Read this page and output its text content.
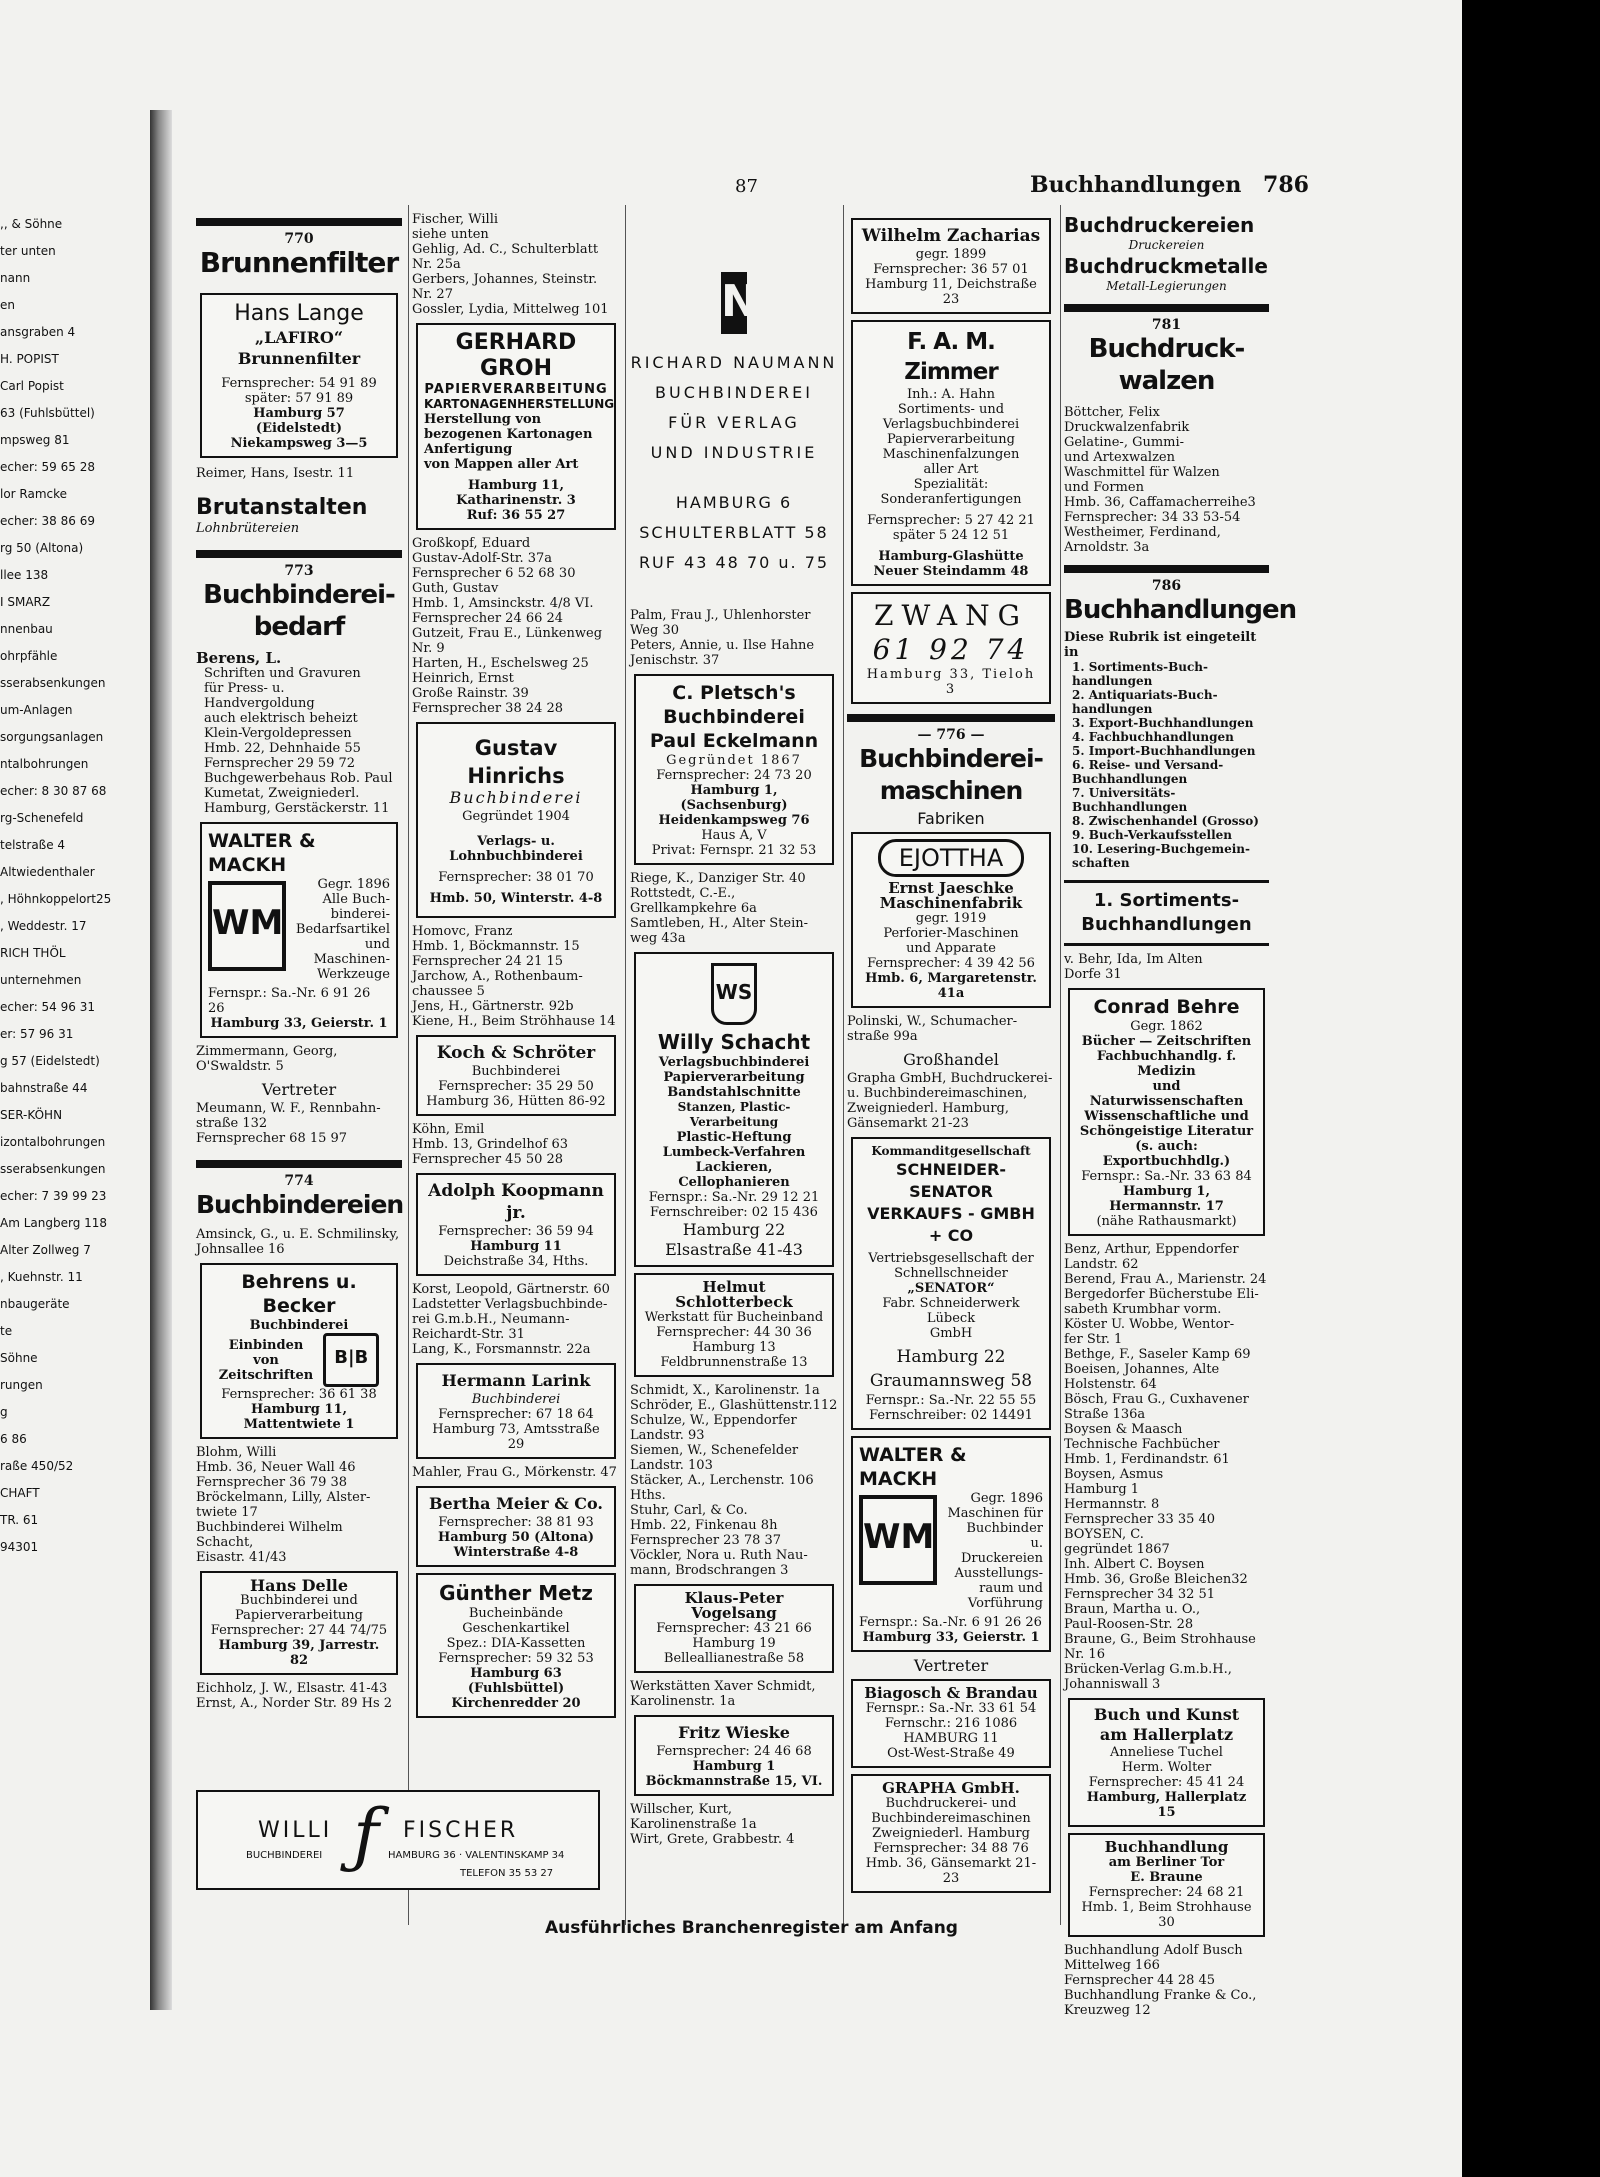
,, & Söhne

ter unten

nann

en

ansgraben 4

H. POPIST

Carl Popist

63 (Fuhlsbüttel)

mpsweg 81

echer: 59 65 28

lor Ramcke

echer: 38 86 69

rg 50 (Altona)

llee 138

I SMARZ

nnenbau

ohrpfähle

sserabsenkungen

um-Anlagen

sorgungsanlagen

ntalbohrungen

echer: 8 30 87 68

rg-Schenefeld

telstraße 4

Altwiedenthaler

, Höhnkoppelort25

, Weddestr. 17

RICH THÖL

unternehmen

echer: 54 96 31

er: 57 96 31

g 57 (Eidelstedt)

bahnstraße 44

SER-KÖHN

izontalbohrungen

sserabsenkungen

echer: 7 39 99 23

Am Langberg 118

Alter Zollweg 7

, Kuehnstr. 11

nbaugeräte

te

Söhne

rungen

g

6 86

raße 450/52

CHAFT

TR. 61

94301

87	Buchhandlungen 786
770
Brunnenfilter

Hans Lange

„LAFIRO“

Brunnenfilter

Fernsprecher: 54 91 89

später: 57 91 89

Hamburg 57 (Eidelstedt)

Niekampsweg 3—5

Reimer, Hans, Isestr. 11

Brutanstalten

Lohnbrütereien

773
Buchbinderei-bedarf

Berens, L.

Schriften und Gravuren

für Press- u.

Handvergoldung

auch elektrisch beheizt

Klein-Vergoldepressen

Hmb. 22, Dehnhaide 55

Fernsprecher 29 59 72

Buchgewerbehaus Rob. Paul

Kumetat, Zweigniederl.

Hamburg, Gerstäckerstr. 11

WALTER & MACKH

WM

Gegr. 1896

Alle Buch-

binderei-

Bedarfsartikel

und Maschinen-

Werkzeuge

Fernspr.: Sa.-Nr. 6 91 26 26

Hamburg 33, Geierstr. 1

Zimmermann, Georg,

O'Swaldstr. 5

Vertreter

Meumann, W. F., Rennbahn-

straße 132

Fernsprecher 68 15 97

774
Buchbindereien

Amsinck, G., u. E. Schmilinsky,

Johnsallee 16

Behrens u. Becker

Buchbinderei

Einbinden

von

Zeitschriften

B|B

Fernsprecher: 36 61 38

Hamburg 11, Mattentwiete 1

Blohm, Willi

Hmb. 36, Neuer Wall 46

Fernsprecher 36 79 38

Bröckelmann, Lilly, Alster-

twiete 17

Buchbinderei Wilhelm Schacht,

Eisastr. 41/43

Hans Delle

Buchbinderei und

Papierverarbeitung

Fernsprecher: 27 44 74/75

Hamburg 39, Jarrestr. 82

Eichholz, J. W., Elsastr. 41-43

Ernst, A., Norder Str. 89 Hs 2

Fischer, Willi

siehe unten

Gehlig, Ad. C., Schulterblatt

Nr. 25a

Gerbers, Johannes, Steinstr.

Nr. 27

Gossler, Lydia, Mittelweg 101

GERHARD GROH

PAPIERVERARBEITUNG

KARTONAGENHERSTELLUNG

Herstellung von

bezogenen Kartonagen

Anfertigung

von Mappen aller Art

Hamburg 11, Katharinenstr. 3

Ruf: 36 55 27

Großkopf, Eduard

Gustav-Adolf-Str. 37a

Fernsprecher 6 52 68 30

Guth, Gustav

Hmb. 1, Amsinckstr. 4/8 VI.

Fernsprecher 24 66 24

Gutzeit, Frau E., Lünkenweg

Nr. 9

Harten, H., Eschelsweg 25

Heinrich, Ernst

Große Rainstr. 39

Fernsprecher 38 24 28

Gustav Hinrichs

Buchbinderei

Gegründet 1904

Verlags- u. Lohnbuchbinderei

Fernsprecher: 38 01 70

Hmb. 50, Winterstr. 4-8

Homovc, Franz

Hmb. 1, Böckmannstr. 15

Fernsprecher 24 21 15

Jarchow, A., Rothenbaum-

chaussee 5

Jens, H., Gärtnerstr. 92b

Kiene, H., Beim Ströhhause 14

Koch & Schröter

Buchbinderei

Fernsprecher: 35 29 50

Hamburg 36, Hütten 86-92

Köhn, Emil

Hmb. 13, Grindelhof 63

Fernsprecher 45 50 28

Adolph Koopmann jr.

Fernsprecher: 36 59 94

Hamburg 11

Deichstraße 34, Hths.

Korst, Leopold, Gärtnerstr. 60

Ladstetter Verlagsbuchbinde-

rei G.m.b.H., Neumann-

Reichardt-Str. 31

Lang, K., Forsmannstr. 22a

Hermann Larink

Buchbinderei

Fernsprecher: 67 18 64

Hamburg 73, Amtsstraße 29

Mahler, Frau G., Mörkenstr. 47

Bertha Meier & Co.

Fernsprecher: 38 81 93

Hamburg 50 (Altona)

Winterstraße 4-8

Günther Metz

Bucheinbände

Geschenkartikel

Spez.: DIA-Kassetten

Fernsprecher: 59 32 53

Hamburg 63 (Fuhlsbüttel)

Kirchenredder 20

WILLI ƒ FISCHER
BUCHBINDEREI	HAMBURG 36 · VALENTINSKAMP 34
TELEFON 35 53 27
N

RICHARD NAUMANN

BUCHBINDEREI

FÜR VERLAG

UND INDUSTRIE

HAMBURG 6

SCHULTERBLATT 58

RUF 43 48 70 u. 75

Palm, Frau J., Uhlenhorster

Weg 30

Peters, Annie, u. Ilse Hahne

Jenischstr. 37

C. Pletsch's

Buchbinderei

Paul Eckelmann

Gegründet 1867

Fernsprecher: 24 73 20

Hamburg 1, (Sachsenburg)

Heidenkampsweg 76

Haus A, V

Privat: Fernspr. 21 32 53

Riege, K., Danziger Str. 40

Rottstedt, C.-E.,

Grellkampkehre 6a

Samtleben, H., Alter Stein-

weg 43a

WS

Willy Schacht

Verlagsbuchbinderei

Papierverarbeitung

Bandstahlschnitte

Stanzen, Plastic-Verarbeitung

Plastic-Heftung

Lumbeck-Verfahren

Lackieren, Cellophanieren

Fernspr.: Sa.-Nr. 29 12 21

Fernschreiber: 02 15 436

Hamburg 22

Elsastraße 41-43

Helmut Schlotterbeck

Werkstatt für Bucheinband

Fernsprecher: 44 30 36

Hamburg 13

Feldbrunnenstraße 13

Schmidt, X., Karolinenstr. 1a

Schröder, E., Glashüttenstr.112

Schulze, W., Eppendorfer

Landstr. 93

Siemen, W., Schenefelder

Landstr. 103

Stäcker, A., Lerchenstr. 106

Hths.

Stuhr, Carl, & Co.

Hmb. 22, Finkenau 8h

Fernsprecher 23 78 37

Vöckler, Nora u. Ruth Nau-

mann, Brodschrangen 3

Klaus-Peter Vogelsang

Fernsprecher: 43 21 66

Hamburg 19

Belleallianestraße 58

Werkstätten Xaver Schmidt,

Karolinenstr. 1a

Fritz Wieske

Fernsprecher: 24 46 68

Hamburg 1

Böckmannstraße 15, VI.

Willscher, Kurt,

Karolinenstraße 1a

Wirt, Grete, Grabbestr. 4

Wilhelm Zacharias

gegr. 1899

Fernsprecher: 36 57 01

Hamburg 11, Deichstraße 23

F. A. M. Zimmer

Inh.: A. Hahn

Sortiments- und

Verlagsbuchbinderei

Papierverarbeitung

Maschinenfalzungen

aller Art

Spezialität:

Sonderanfertigungen

Fernsprecher: 5 27 42 21

später 5 24 12 51

Hamburg-Glashütte

Neuer Steindamm 48

ZWANG

61 92 74

Hamburg 33, Tieloh 3

— 776 —
Buchbinderei-maschinen

Fabriken

EJOTTHA

Ernst Jaeschke

Maschinenfabrik

gegr. 1919

Perforier-Maschinen

und Apparate

Fernsprecher: 4 39 42 56

Hmb. 6, Margaretenstr. 41a

Polinski, W., Schumacher-

straße 99a

Großhandel

Grapha GmbH, Buchdruckerei-

u. Buchbindereimaschinen,

Zweigniederl. Hamburg,

Gänsemarkt 21-23

Kommanditgesellschaft

SCHNEIDER-SENATOR

VERKAUFS - GMBH + CO

Vertriebsgesellschaft der

Schnellschneider

„SENATOR“

Fabr. Schneiderwerk Lübeck

GmbH

Hamburg 22

Graumannsweg 58

Fernspr.: Sa.-Nr. 22 55 55

Fernschreiber: 02 14491

WALTER & MACKH

WM

Gegr. 1896

Maschinen für

Buchbinder

u. Druckereien

Ausstellungs-

raum und

Vorführung

Fernspr.: Sa.-Nr. 6 91 26 26

Hamburg 33, Geierstr. 1

Vertreter

Biagosch & Brandau

Fernspr.: Sa.-Nr. 33 61 54

Fernschr.: 216 1086

HAMBURG 11

Ost-West-Straße 49

GRAPHA GmbH.

Buchdruckerei- und

Buchbindereimaschinen

Zweigniederl. Hamburg

Fernsprecher: 34 88 76

Hmb. 36, Gänsemarkt 21-23

Buchdruckereien

Druckereien

Buchdruckmetalle

Metall-Legierungen

781
Buchdruck-walzen

Böttcher, Felix

Druckwalzenfabrik

Gelatine-, Gummi-

und Artexwalzen

Waschmittel für Walzen

und Formen

Hmb. 36, Caffamacherreihe3

Fernsprecher: 34 33 53-54

Westheimer, Ferdinand,

Arnoldstr. 3a

786
Buchhandlungen

Diese Rubrik ist eingeteilt in

1. Sortiments-Buch-handlungen

2. Antiquariats-Buch-handlungen

3. Export-Buchhandlungen

4. Fachbuchhandlungen

5. Import-Buchhandlungen

6. Reise- und Versand-Buchhandlungen

7. Universitäts-Buchhandlungen

8. Zwischenhandel (Grosso)

9. Buch-Verkaufsstellen

10. Lesering-Buchgemein-schaften

1. Sortiments-Buchhandlungen

v. Behr, Ida, Im Alten

Dorfe 31

Conrad Behre

Gegr. 1862

Bücher — Zeitschriften

Fachbuchhandlg. f. Medizin

und Naturwissenschaften

Wissenschaftliche und

Schöngeistige Literatur

(s. auch: Exportbuchhdlg.)

Fernspr.: Sa.-Nr. 33 63 84

Hamburg 1, Hermannstr. 17

(nähe Rathausmarkt)

Benz, Arthur, Eppendorfer

Landstr. 62

Berend, Frau A., Marienstr. 24

Bergedorfer Bücherstube Eli-

sabeth Krumbhar vorm.

Köster U. Wobbe, Wentor-

fer Str. 1

Bethge, F., Saseler Kamp 69

Boeisen, Johannes, Alte

Holstenstr. 64

Bösch, Frau G., Cuxhavener

Straße 136a

Boysen & Maasch

Technische Fachbücher

Hmb. 1, Ferdinandstr. 61

Boysen, Asmus

Hamburg 1

Hermannstr. 8

Fernsprecher 33 35 40

BOYSEN, C.

gegründet 1867

Inh. Albert C. Boysen

Hmb. 36, Große Bleichen32

Fernsprecher 34 32 51

Braun, Martha u. O.,

Paul-Roosen-Str. 28

Braune, G., Beim Strohhause

Nr. 16

Brücken-Verlag G.m.b.H.,

Johanniswall 3

Buch und Kunst

am Hallerplatz

Anneliese Tuchel

Herm. Wolter

Fernsprecher: 45 41 24

Hamburg, Hallerplatz 15

Buchhandlung

am Berliner Tor

E. Braune

Fernsprecher: 24 68 21

Hmb. 1, Beim Strohhause 30

Buchhandlung Adolf Busch

Mittelweg 166

Fernsprecher 44 28 45

Buchhandlung Franke & Co.,

Kreuzweg 12

Ausführliches Branchenregister am Anfang
